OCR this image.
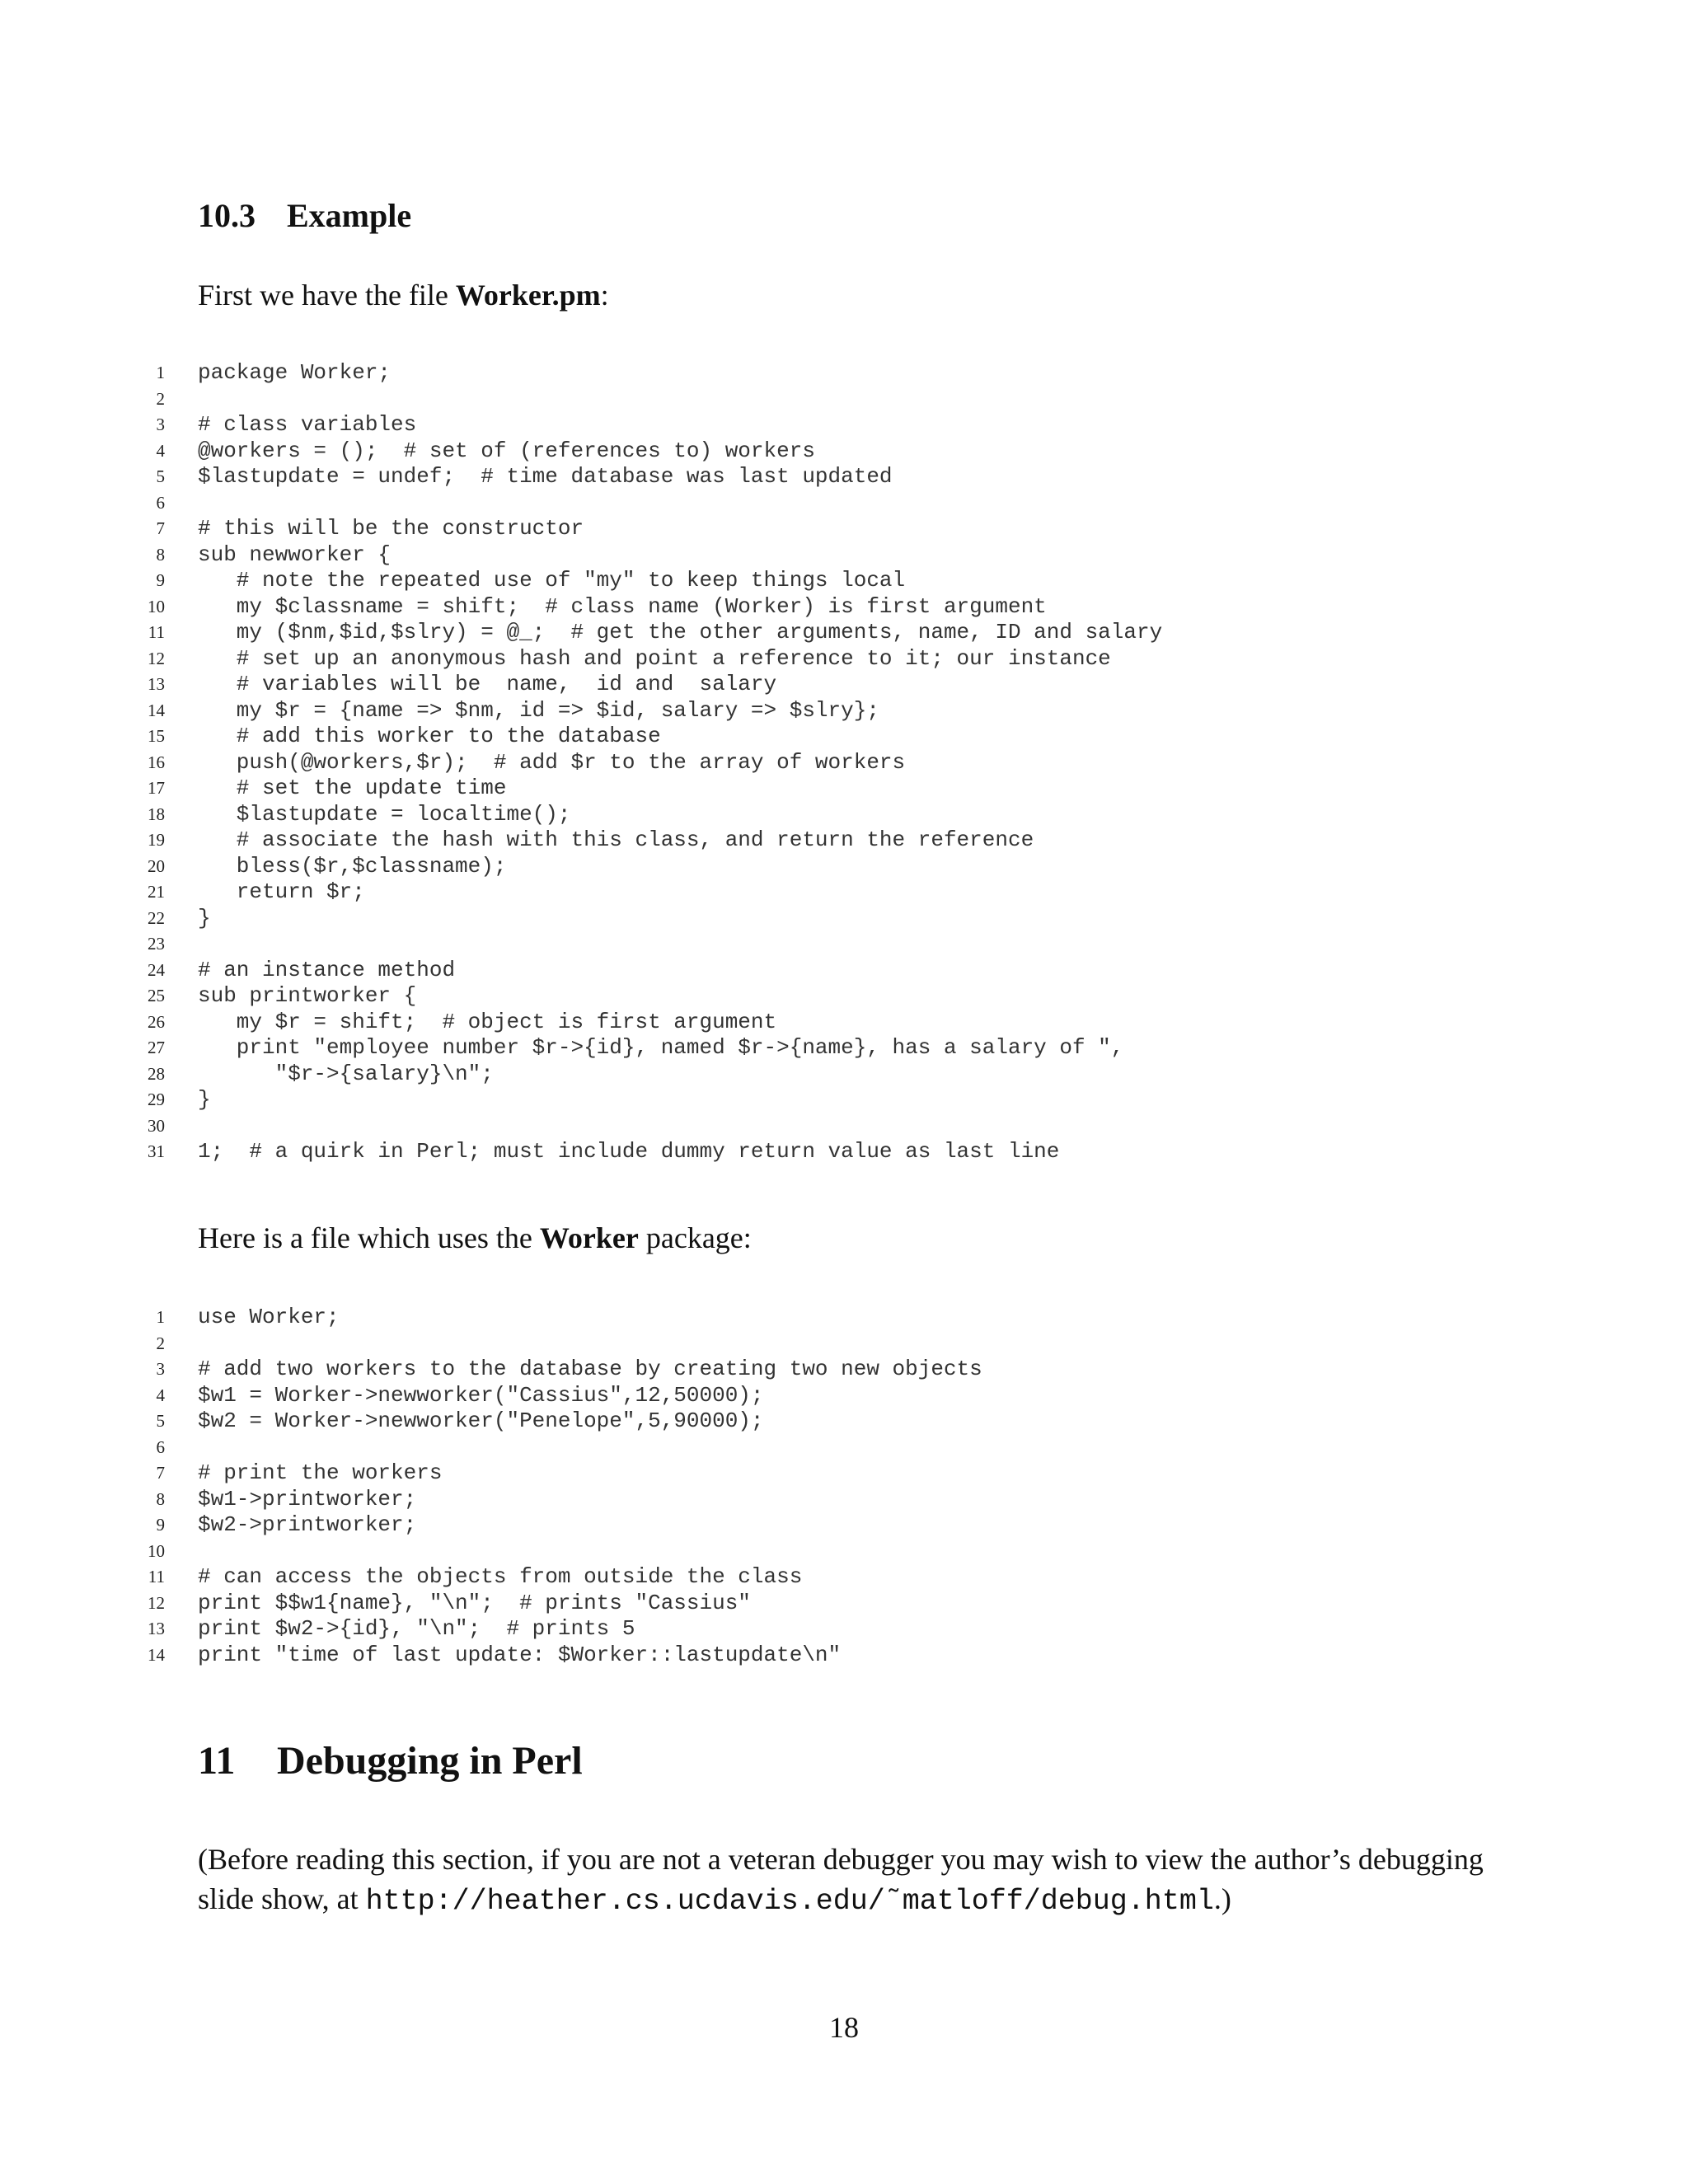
10.3 Example
First we have the file Worker.pm:
1 package Worker;
2
3 # class variables
4 @workers = ();  # set of (references to) workers
5 $lastupdate = undef;  # time database was last updated
6
7 # this will be the constructor
8 sub newworker {
9 # note the repeated use of "my" to keep things local
10 my $classname = shift;  # class name (Worker) is first argument
11 my ($nm,$id,$slry) = @_;  # get the other arguments, name, ID and salary
12 # set up an anonymous hash and point a reference to it; our instance
13 # variables will be  name,  id and  salary
14 my $r = {name => $nm, id => $id, salary => $slry};
15 # add this worker to the database
16 push(@workers,$r);  # add $r to the array of workers
17 # set the update time
18 $lastupdate = localtime();
19 # associate the hash with this class, and return the reference
20 bless($r,$classname);
21 return $r;
22 }
23
24 # an instance method
25 sub printworker {
26 my $r = shift;  # object is first argument
27 print "employee number $r->{id}, named $r->{name}, has a salary of ",
28 "$r->{salary}\n";
29 }
30
31 1;  # a quirk in Perl; must include dummy return value as last line
Here is a file which uses the Worker package:
1 use Worker;
2
3 # add two workers to the database by creating two new objects
4 $w1 = Worker->newworker("Cassius",12,50000);
5 $w2 = Worker->newworker("Penelope",5,90000);
6
7 # print the workers
8 $w1->printworker;
9 $w2->printworker;
10
11 # can access the objects from outside the class
12 print $$w1{name}, "\n";  # prints "Cassius"
13 print $w2->{id}, "\n";  # prints 5
14 print "time of last update: $Worker::lastupdate\n"
11 Debugging in Perl
(Before reading this section, if you are not a veteran debugger you may wish to view the author’s debugging slide show, at http://heather.cs.ucdavis.edu/˜matloff/debug.html.)
18
